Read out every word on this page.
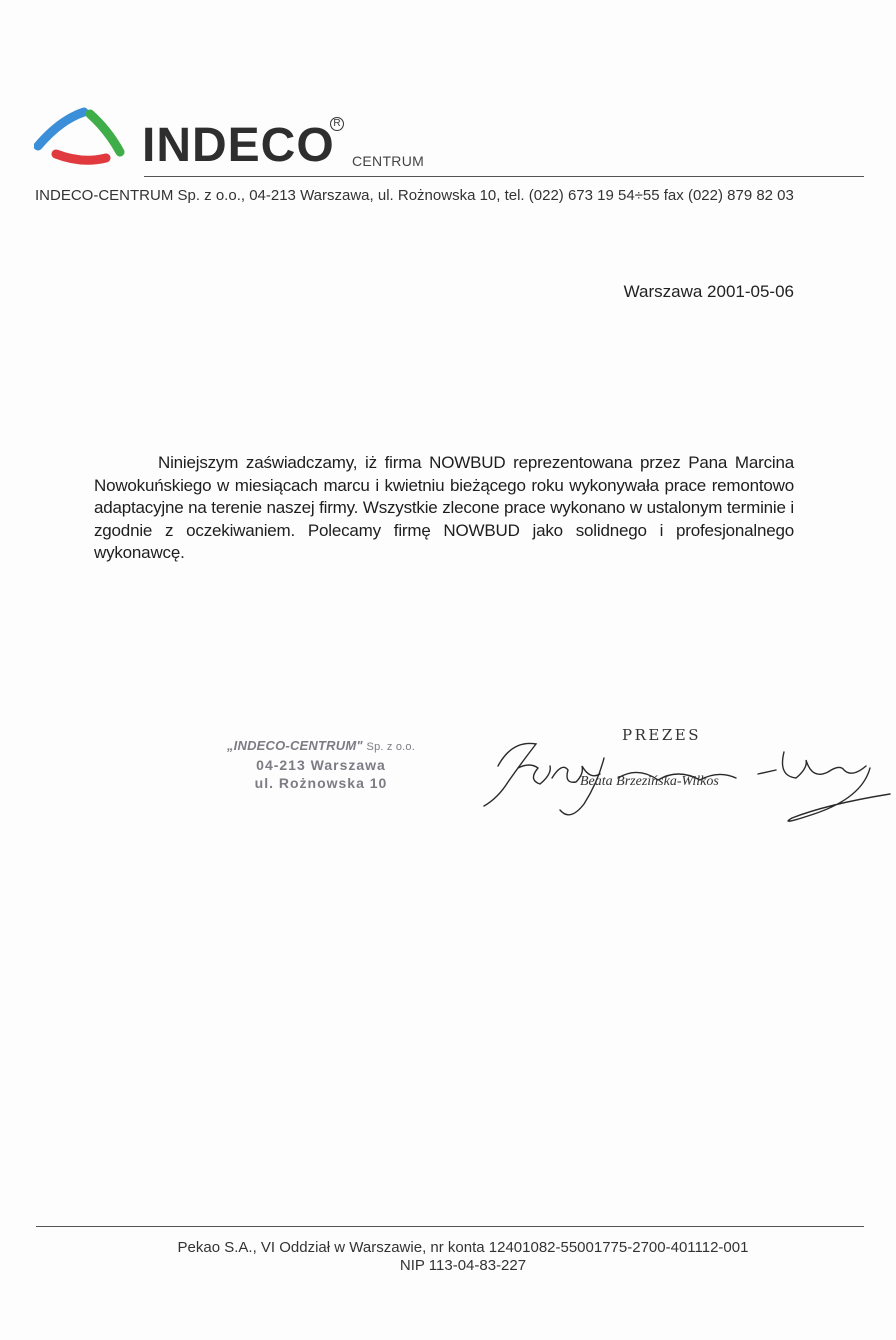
INDECO
R
CENTRUM
INDECO-CENTRUM Sp. z o.o., 04-213 Warszawa, ul. Rożnowska 10, tel. (022) 673 19 54÷55 fax (022) 879 82 03
Warszawa 2001-05-06
Niniejszym zaświadczamy, iż firma NOWBUD reprezentowana przez Pana Marcina Nowokuńskiego w miesiącach marcu i kwietniu bieżącego roku wykonywała prace remontowo adaptacyjne na terenie naszej firmy. Wszystkie zlecone prace wykonano w ustalonym terminie i zgodnie z oczekiwaniem. Polecamy firmę NOWBUD jako solidnego i profesjonalnego wykonawcę.
„INDECO-CENTRUM" Sp. z o.o.
04-213 Warszawa
ul. Rożnowska 10
PREZES
Beata Brzezińska-Wilkos
Pekao S.A., VI Oddział w Warszawie, nr konta 12401082-55001775-2700-401112-001
NIP 113-04-83-227
